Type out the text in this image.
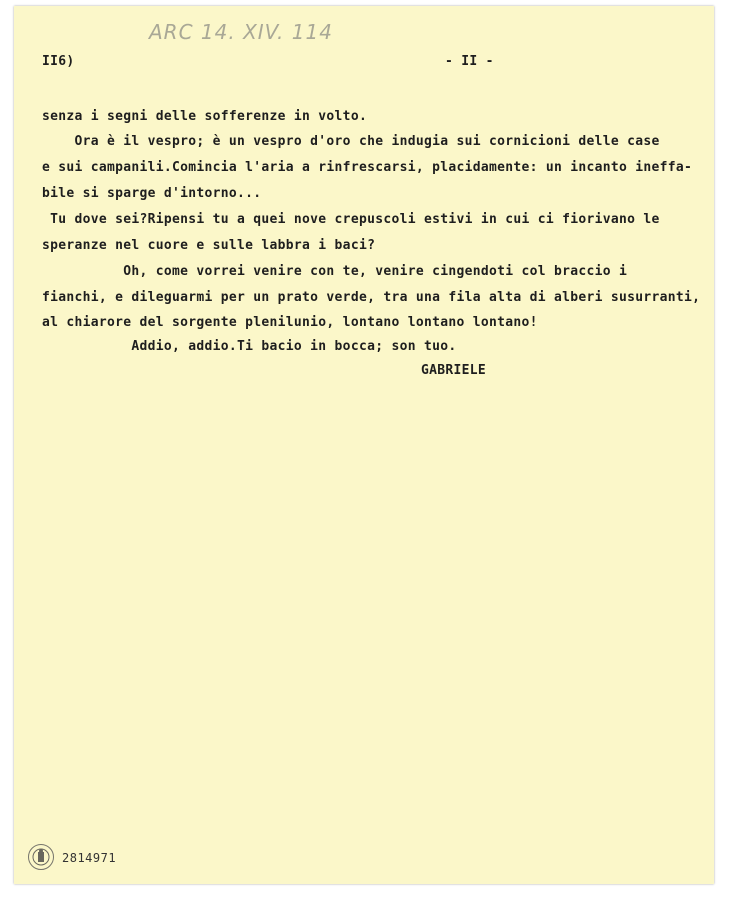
ARC 14. XIV. 114
II6)	- II -
senza i segni delle sofferenze in volto.
Ora è il vespro; è un vespro d'oro che indugia sui cornicioni delle case
e sui campanili.Comincia l'aria a rinfrescarsi, placidamente: un incanto ineffa-
bile si sparge d'intorno...
Tu dove sei?Ripensi tu a quei nove crepuscoli estivi in cui ci fiorivano le
speranze nel cuore e sulle labbra i baci?
Oh, come vorrei venire con te, venire cingendoti col braccio i
fianchi, e dileguarmi per un prato verde, tra una fila alta di alberi susurranti,
al chiarore del sorgente plenilunio, lontano lontano lontano!
Addio, addio.Ti bacio in bocca; son tuo.
GABRIELE
2814971
